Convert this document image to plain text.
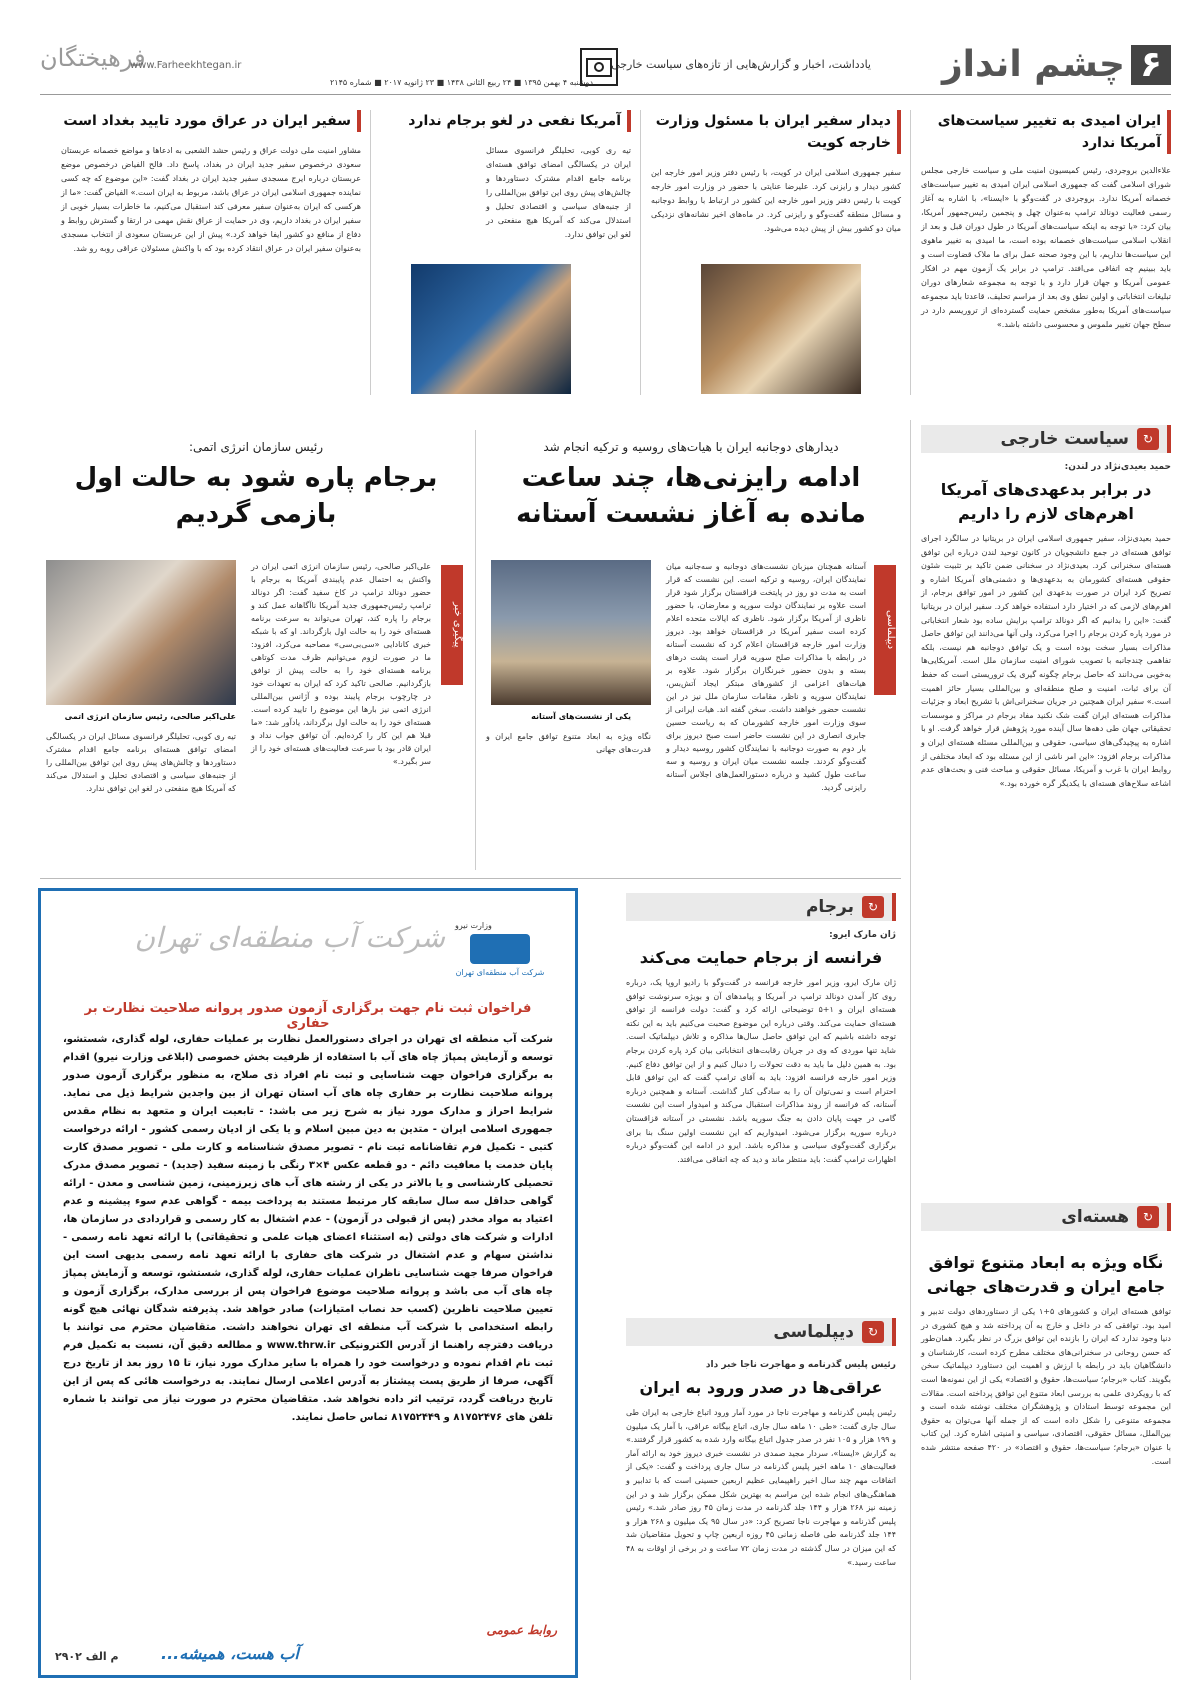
۶
چشم انداز
یادداشت، اخبار و گزارش‌هایی از تازه‌های سیاست خارجی
فرهیختگان
www.Farheekhtegan.ir
دوشنبه ۴ بهمن ۱۳۹۵ ■ ۲۴ ربیع الثانی ۱۴۳۸ ■ ۲۳ ژانویه ۲۰۱۷ ■ شماره ۲۱۴۵
ایران امیدی به تغییر سیاست‌های آمریکا ندارد
علاءالدین بروجردی، رئیس کمیسیون امنیت ملی و سیاست خارجی مجلس شورای اسلامی گفت که جمهوری اسلامی ایران امیدی به تغییر سیاست‌های خصمانه آمریکا ندارد. بروجردی در گفت‌وگو با «ایسنا»، با اشاره به آغاز رسمی فعالیت دونالد ترامپ به‌عنوان چهل و پنجمین رئیس‌جمهور آمریکا، بیان کرد: «با توجه به اینکه سیاست‌های آمریکا در طول دوران قبل و بعد از انقلاب اسلامی سیاست‌های خصمانه بوده است، ما امیدی به تغییر ماهوی این سیاست‌ها نداریم، با این وجود صحنه عمل برای ما ملاک قضاوت است و باید ببینیم چه اتفاقی می‌افتد. ترامپ در برابر یک آزمون مهم در افکار عمومی آمریکا و جهان قرار دارد و با توجه به مجموعه شعارهای دوران تبلیغات انتخاباتی و اولین نطق وی بعد از مراسم تحلیف، قاعدتا باید مجموعه سیاست‌های آمریکا به‌طور مشخص حمایت گسترده‌ای از تروریسم دارد در سطح جهان تغییر ملموس و محسوسی داشته باشد.»
دیدار سفیر ایران با مسئول وزارت خارجه کویت
سفیر جمهوری اسلامی ایران در کویت، با رئیس دفتر وزیر امور خارجه این کشور دیدار و رایزنی کرد. علیرضا عنایتی با حضور در وزارت امور خارجه کویت با رئیس دفتر وزیر امور خارجه این کشور در ارتباط با روابط دوجانبه و مسائل منطقه گفت‌وگو و رایزنی کرد. در ماه‌های اخیر نشانه‌های نزدیکی میان دو کشور بیش از پیش دیده می‌شود.
آمریکا نفعی در لغو برجام ندارد
تیه ری کوبی، تحلیلگر فرانسوی مسائل ایران در یکسالگی امضای توافق هسته‌ای برنامه جامع اقدام مشترک دستاوردها و چالش‌های پیش روی این توافق بین‌المللی را از جنبه‌های سیاسی و اقتصادی تحلیل و استدلال می‌کند که آمریکا هیچ منفعتی در لغو این توافق ندارد.
سفیر ایران در عراق مورد تایید بغداد است
مشاور امنیت ملی دولت عراق و رئیس حشد الشعبی به ادعاها و مواضع خصمانه عربستان سعودی درخصوص سفیر جدید ایران در بغداد، پاسخ داد. فالح الفیاض درخصوص موضع عربستان درباره ایرج مسجدی سفیر جدید ایران در بغداد گفت: «این موضوع که چه کسی نماینده جمهوری اسلامی ایران در عراق باشد، مربوط به ایران است.» الفیاض گفت: «ما از هرکسی که ایران به‌عنوان سفیر معرفی کند استقبال می‌کنیم، ما خاطرات بسیار خوبی از سفیر ایران در بغداد داریم، وی در حمایت از عراق نقش مهمی در ارتقا و گسترش روابط و دفاع از منافع دو کشور ایفا خواهد کرد.» پیش از این عربستان سعودی از انتخاب مسجدی به‌عنوان سفیر ایران در عراق انتقاد کرده بود که با واکنش مسئولان عراقی روبه رو شد.
↻
سیاست خارجی
حمید بعیدی‌نژاد در لندن:
در برابر بدعهدی‌های آمریکا اهرم‌های لازم را داریم
حمید بعیدی‌نژاد، سفیر جمهوری اسلامی ایران در بریتانیا در سالگرد اجرای توافق هسته‌ای در جمع دانشجویان در کانون توحید لندن درباره این توافق هسته‌ای سخنرانی کرد. بعیدی‌نژاد در سخنانی ضمن تاکید بر تثبیت شئون حقوقی هسته‌ای کشورمان به بدعهدی‌ها و دشمنی‌های آمریکا اشاره و تصریح کرد ایران در صورت بدعهدی این کشور در امور توافق برجام، از اهرم‌های لازمی که در اختیار دارد استفاده خواهد کرد. سفیر ایران در بریتانیا گفت: «این را بدانیم که اگر دونالد ترامپ برایش ساده بود شعار انتخاباتی در مورد پاره کردن برجام را اجرا می‌کرد، ولی آنها می‌دانند این توافق حاصل مذاکرات بسیار سخت بوده است و یک توافق دوجانبه هم نیست، بلکه تفاهمی چندجانبه با تصویب شورای امنیت سازمان ملل است. آمریکایی‌ها به‌خوبی می‌دانند که حاصل برجام چگونه گیری یک تروریستی است که حفظ آن برای ثبات، امنیت و صلح منطقه‌ای و بین‌المللی بسیار حائز اهمیت است.» سفیر ایران همچنین در جریان سخنرانی‌اش با تشریح ابعاد و جزئیات مذاکرات هسته‌ای ایران گفت شک نکنید مفاد برجام در مراکز و موسسات تحقیقاتی جهان طی دهه‌ها سال آینده مورد پژوهش قرار خواهد گرفت. او با اشاره به پیچیدگی‌های سیاسی، حقوقی و بین‌المللی مسئله هسته‌ای ایران و مذاکرات برجام افزود: «این امر ناشی از این مسئله بود که ابعاد مختلفی از روابط ایران با غرب و آمریکا، مسائل حقوقی و مباحث فنی و بحث‌های عدم اشاعه سلاح‌های هسته‌ای با یکدیگر گره خورده بود.»
↻
هسته‌ای
نگاه ویژه به ابعاد متنوع توافق جامع ایران و قدرت‌های جهانی
توافق هسته‌ای ایران و کشورهای ۵+۱ یکی از دستاوردهای دولت تدبیر و امید بود. توافقی که در داخل و خارج به آن پرداخته شد و هیچ کشوری در دنیا وجود ندارد که ایران را بازنده این توافق بزرگ در نظر بگیرد. همان‌طور که حسن روحانی در سخنرانی‌های مختلف مطرح کرده است، کارشناسان و دانشگاهیان باید در رابطه با ارزش و اهمیت این دستاورد دیپلماتیک سخن بگویند. کتاب «برجام؛ سیاست‌ها، حقوق و اقتصاد» یکی از این نمونه‌ها است که با رویکردی علمی به بررسی ابعاد متنوع این توافق پرداخته است. مقالات این مجموعه توسط استادان و پژوهشگران مختلف نوشته شده است و مجموعه متنوعی را شکل داده است که از جمله آنها می‌توان به حقوق بین‌الملل، مسائل حقوقی، اقتصادی، سیاسی و امنیتی اشاره کرد. این کتاب با عنوان «برجام؛ سیاست‌ها، حقوق و اقتصاد» در ۴۲۰ صفحه منتشر شده است.
دیدارهای دوجانبه ایران با هیات‌های روسیه و ترکیه انجام شد
ادامه رایزنی‌ها، چند ساعت مانده به آغاز نشست آستانه
دیپلماسی
آستانه همچنان میزبان نشست‌های دوجانبه و سه‌جانبه میان نمایندگان ایران، روسیه و ترکیه است. این نشست که قرار است به مدت دو روز در پایتخت قزاقستان برگزار شود قرار است علاوه بر نمایندگان دولت سوریه و معارضان، با حضور ناظری از آمریکا برگزار شود. ناظری که ایالات متحده اعلام کرده است سفیر آمریکا در قزاقستان خواهد بود. دیروز وزارت امور خارجه قزاقستان اعلام کرد که نشست آستانه در رابطه با مذاکرات صلح سوریه قرار است پشت درهای بسته و بدون حضور خبرنگاران برگزار شود. علاوه بر هیات‌های اعزامی از کشورهای مبتکر ایجاد آتش‌بس، نمایندگان سوریه و ناظر، مقامات سازمان ملل نیز در این نشست حضور خواهند داشت. سخن گفته اند. هیات ایرانی از سوی وزارت امور خارجه کشورمان که به ریاست حسین جابری انصاری در این نشست حاضر است صبح دیروز برای بار دوم به صورت دوجانبه با نمایندگان کشور روسیه دیدار و گفت‌وگو کردند. جلسه نشست میان ایران و روسیه و سه ساعت طول کشید و درباره دستورالعمل‌های اجلاس آستانه رایزنی گردید.
یکی از نشست‌های آستانه
نگاه ویژه به ابعاد متنوع توافق جامع ایران و قدرت‌های جهانی
رئیس سازمان انرژی اتمی:
برجام پاره شود به حالت اول بازمی گردیم
پیگیری خبر
علی‌اکبر صالحی، رئیس سازمان انرژی اتمی ایران در واکنش به احتمال عدم پایبندی آمریکا به برجام با حضور دونالد ترامپ در کاخ سفید گفت: اگر دونالد ترامپ رئیس‌جمهوری جدید آمریکا ناآگاهانه عمل کند و برجام را پاره کند، تهران می‌تواند به سرعت برنامه هسته‌ای خود را به حالت اول بازگرداند. او که با شبکه خبری کانادایی «سی‌بی‌سی» مصاحبه می‌کرد، افزود: ما در صورت لزوم می‌توانیم ظرف مدت کوتاهی برنامه هسته‌ای خود را به حالت پیش از توافق بازگردانیم. صالحی تاکید کرد که ایران به تعهدات خود در چارچوب برجام پایبند بوده و آژانس بین‌المللی انرژی اتمی نیز بارها این موضوع را تایید کرده است. هسته‌ای خود را به حالت اول برگرداند، یادآور شد: «ما قبلا هم این کار را کرده‌ایم. آن توافق جواب نداد و ایران قادر بود با سرعت فعالیت‌های هسته‌ای خود را از سر بگیرد.»
علی‌اکبر صالحی، رئیس سازمان انرژی اتمی
تیه ری کوبی، تحلیلگر فرانسوی مسائل ایران در یکسالگی امضای توافق هسته‌ای برنامه جامع اقدام مشترک دستاوردها و چالش‌های پیش روی این توافق بین‌المللی را از جنبه‌های سیاسی و اقتصادی تحلیل و استدلال می‌کند که آمریکا هیچ منفعتی در لغو این توافق ندارد.
↻
برجام
ژان مارک ایرو:
فرانسه از برجام حمایت می‌کند
ژان مارک ایرو، وزیر امور خارجه فرانسه در گفت‌وگو با رادیو اروپا یک، درباره روی کار آمدن دونالد ترامپ در آمریکا و پیامدهای آن و بویژه سرنوشت توافق هسته‌ای ایران و ۱+۵ توضیحاتی ارائه کرد و گفت: دولت فرانسه از توافق هسته‌ای حمایت می‌کند. وقتی درباره این موضوع صحبت می‌کنیم باید به این نکته توجه داشته باشیم که این توافق حاصل سال‌ها مذاکره و تلاش دیپلماتیک است. شاید تنها موردی که وی در جریان رقابت‌های انتخاباتی بیان کرد پاره کردن برجام بود. به همین دلیل ما باید به دقت تحولات را دنبال کنیم و از این توافق دفاع کنیم. وزیر امور خارجه فرانسه افزود: باید به آقای ترامپ گفت که این توافق قابل احترام است و نمی‌توان آن را به سادگی کنار گذاشت. آستانه و همچنین درباره آستانه، که فرانسه از روند مذاکرات استقبال می‌کند و امیدوار است این نشست گامی در جهت پایان دادن به جنگ سوریه باشد. نشستی در آستانه قزاقستان درباره سوریه برگزار می‌شود. امیدواریم که این نشست اولین سنگ بنا برای برگزاری گفت‌وگوی سیاسی و مذاکره باشد. ایرو در ادامه این گفت‌وگو درباره اظهارات ترامپ گفت: باید منتظر ماند و دید که چه اتفاقی می‌افتد.
↻
دیپلماسی
رئیس پلیس گذرنامه و مهاجرت ناجا خبر داد
عراقی‌ها در صدر ورود به ایران
رئیس پلیس گذرنامه و مهاجرت ناجا در مورد آمار ورود اتباع خارجی به ایران طی سال جاری گفت: «طی ۱۰ ماهه سال جاری، اتباع بیگانه عراقی، با آمار یک میلیون و ۱۹۹ هزار و ۱۰۵ نفر در صدر جدول اتباع بیگانه وارد شده به کشور قرار گرفتند.» به گزارش «ایسنا»، سردار مجید صمدی در نشست خبری دیروز خود به ارائه آمار فعالیت‌های ۱۰ ماهه اخیر پلیس گذرنامه در سال جاری پرداخت و گفت: «یکی از اتفاقات مهم چند سال اخیر راهپیمایی عظیم اربعین حسینی است که با تدابیر و هماهنگی‌های انجام شده این مراسم به بهترین شکل ممکن برگزار شد و در این زمینه نیز ۲۶۸ هزار و ۱۴۴ جلد گذرنامه در مدت زمان ۴۵ روز صادر شد.» رئیس پلیس گذرنامه و مهاجرت ناجا تصریح کرد: «در سال ۹۵ یک میلیون و ۲۶۸ هزار و ۱۴۴ جلد گذرنامه طی فاصله زمانی ۴۵ روزه اربعین چاپ و تحویل متقاضیان شد که این میزان در سال گذشته در مدت زمان ۷۲ ساعت و در برخی از اوقات به ۴۸ ساعت رسید.»
وزارت نیرو
شرکت آب منطقه‌ای تهران
شرکت آب منطقه‌ای تهران
فراخوان ثبت نام جهت برگزاری آزمون صدور پروانه صلاحیت نظارت بر حفاری
شرکت آب منطقه ای تهران در اجرای دستورالعمل نظارت بر عملیات حفاری، لوله گذاری، شستشو، توسعه و آزمایش پمپاژ چاه های آب با استفاده از ظرفیت بخش خصوصی (ابلاغی وزارت نیرو) اقدام به برگزاری فراخوان جهت شناسایی و ثبت نام افراد ذی صلاح، به منظور برگزاری آزمون صدور پروانه صلاحیت نظارت بر حفاری چاه های آب استان تهران از بین واجدین شرایط ذیل می نماید. شرایط احراز و مدارک مورد نیاز به شرح زیر می باشد: - تابعیت ایران و متعهد به نظام مقدس جمهوری اسلامی ایران - متدین به دین مبین اسلام و یا یکی از ادیان رسمی کشور - ارائه درخواست کتبی - تکمیل فرم تقاضانامه ثبت نام - تصویر مصدق شناسنامه و کارت ملی - تصویر مصدق کارت پایان خدمت یا معافیت دائم - دو قطعه عکس ۴×۳ رنگی با زمینه سفید (جدید) - تصویر مصدق مدرک تحصیلی کارشناسی و یا بالاتر در یکی از رشته های آب های زیرزمینی، زمین شناسی و معدن - ارائه گواهی حداقل سه سال سابقه کار مرتبط مستند به پرداخت بیمه - گواهی عدم سوء پیشینه و عدم اعتیاد به مواد مخدر (پس از قبولی در آزمون) - عدم اشتغال به کار رسمی و قراردادی در سازمان ها، ادارات و شرکت های دولتی (به استثناء اعضای هیات علمی و تحقیقاتی) با ارائه تعهد نامه رسمی - نداشتن سهام و عدم اشتغال در شرکت های حفاری با ارائه تعهد نامه رسمی بدیهی است این فراخوان صرفا جهت شناسایی ناظران عملیات حفاری، لوله گذاری، شستشو، توسعه و آزمایش پمپاژ چاه های آب می باشد و پروانه صلاحیت موضوع فراخوان پس از بررسی مدارک، برگزاری آزمون و تعیین صلاحیت ناظرین (کسب حد نصاب امتیازات) صادر خواهد شد. پذیرفته شدگان نهائی هیچ گونه رابطه استخدامی با شرکت آب منطقه ای تهران نخواهند داشت. متقاضیان محترم می توانند با دریافت دفترچه راهنما از آدرس الکترونیکی www.thrw.ir و مطالعه دقیق آن، نسبت به تکمیل فرم ثبت نام اقدام نموده و درخواست خود را همراه با سایر مدارک مورد نیاز، تا ۱۵ روز بعد از تاریخ درج آگهی، صرفا از طریق پست پیشتاز به آدرس اعلامی ارسال نمایند. به درخواست هائی که پس از این تاریخ دریافت گردد، ترتیب اثر داده نخواهد شد. متقاضیان محترم در صورت نیاز می توانند با شماره تلفن های ۸۱۷۵۲۴۷۶ و ۸۱۷۵۲۴۴۹ تماس حاصل نمایند.
روابط عمومی
آب هست، همیشه...
م الف ۲۹۰۲
